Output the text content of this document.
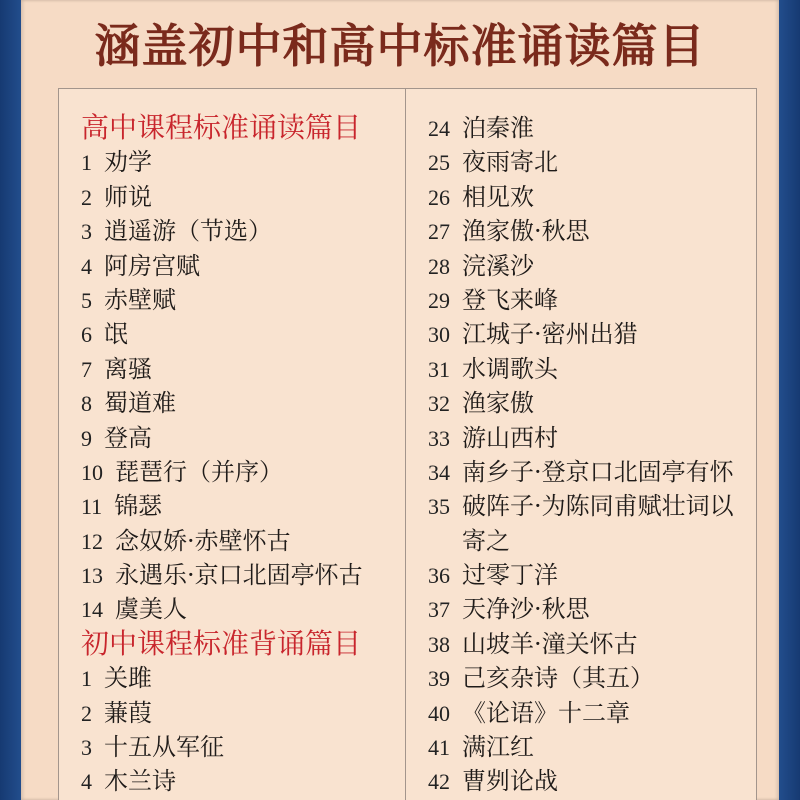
涵盖初中和高中标准诵读篇目
高中课程标准诵读篇目
1 劝学
2 师说
3 逍遥游（节选）
4 阿房宫赋
5 赤壁赋
6 氓
7 离骚
8 蜀道难
9 登高
10 琵琶行（并序）
11 锦瑟
12 念奴娇·赤壁怀古
13 永遇乐·京口北固亭怀古
14 虞美人
初中课程标准背诵篇目
1 关雎
2 蒹葭
3 十五从军征
4 木兰诗
24 泊秦淮
25 夜雨寄北
26 相见欢
27 渔家傲·秋思
28 浣溪沙
29 登飞来峰
30 江城子·密州出猎
31 水调歌头
32 渔家傲
33 游山西村
34 南乡子·登京口北固亭有怀
35 破阵子·为陈同甫赋壮词以
寄之
36 过零丁洋
37 天净沙·秋思
38 山坡羊·潼关怀古
39 己亥杂诗（其五）
40 《论语》十二章
41 满江红
42 曹刿论战
